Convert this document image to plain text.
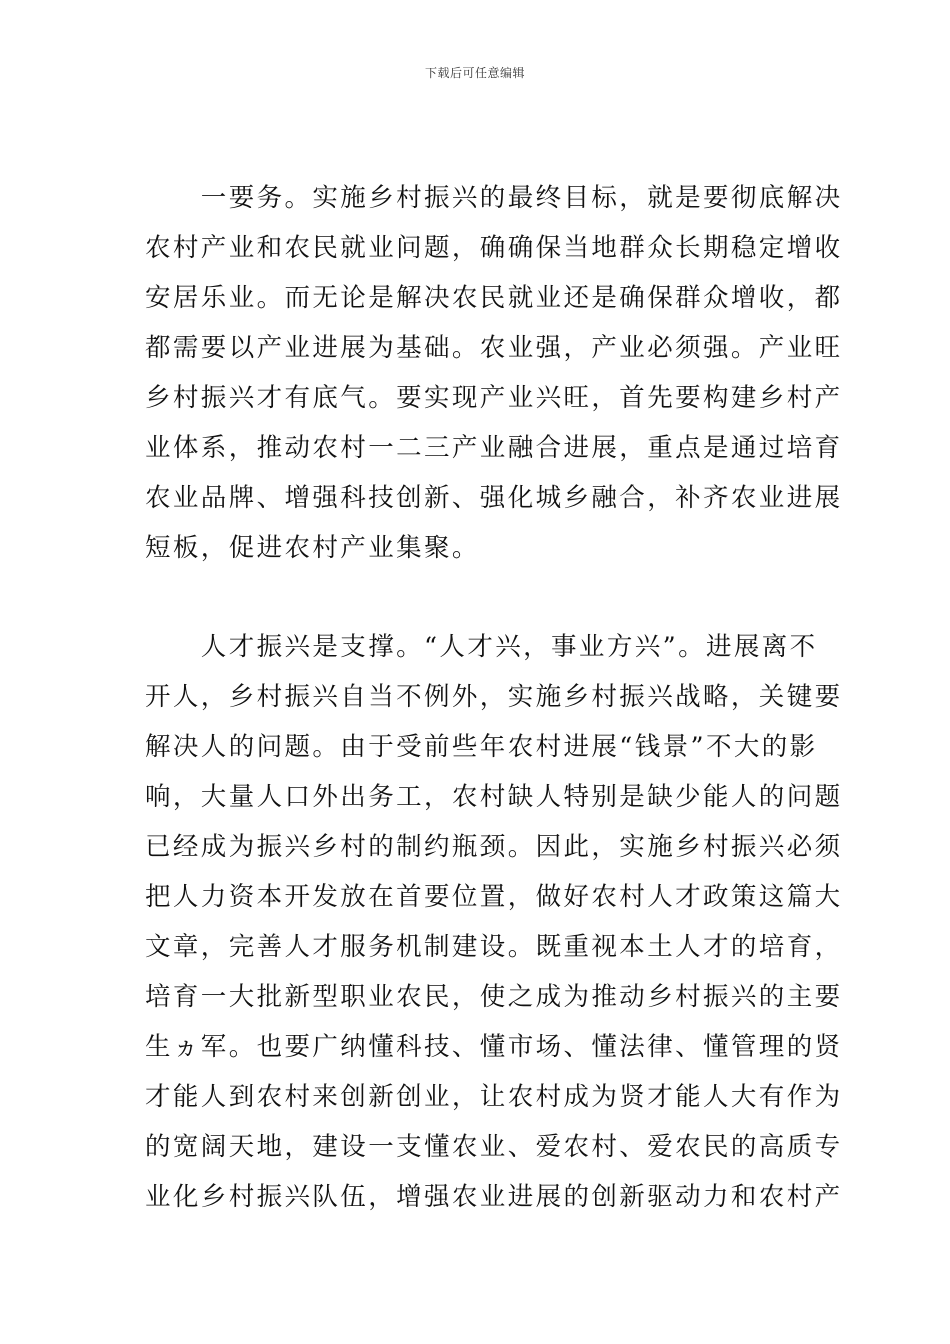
下载后可任意编辑
　　一要务。实施乡村振兴的最终目标，就是要彻底解决
农村产业和农民就业问题，确确保当地群众长期稳定增收
安居乐业。而无论是解决农民就业还是确保群众增收，都
都需要以产业进展为基础。农业强，产业必须强。产业旺
乡村振兴才有底气。要实现产业兴旺，首先要构建乡村产
业体系，推动农村一二三产业融合进展，重点是通过培育
农业品牌、增强科技创新、强化城乡融合，补齐农业进展
短板，促进农村产业集聚。
　　人才振兴是支撑。“人才兴，事业方兴”。进展离不
开人，乡村振兴自当不例外，实施乡村振兴战略，关键要
解决人的问题。由于受前些年农村进展“钱景”不大的影
响，大量人口外出务工，农村缺人特别是缺少能人的问题
已经成为振兴乡村的制约瓶颈。因此，实施乡村振兴必须
把人力资本开发放在首要位置，做好农村人才政策这篇大
文章，完善人才服务机制建设。既重视本土人才的培育，
培育一大批新型职业农民，使之成为推动乡村振兴的主要
生ヵ军。也要广纳懂科技、懂市场、懂法律、懂管理的贤
才能人到农村来创新创业，让农村成为贤才能人大有作为
的宽阔天地，建设一支懂农业、爱农村、爱农民的高质专
业化乡村振兴队伍，增强农业进展的创新驱动力和农村产
